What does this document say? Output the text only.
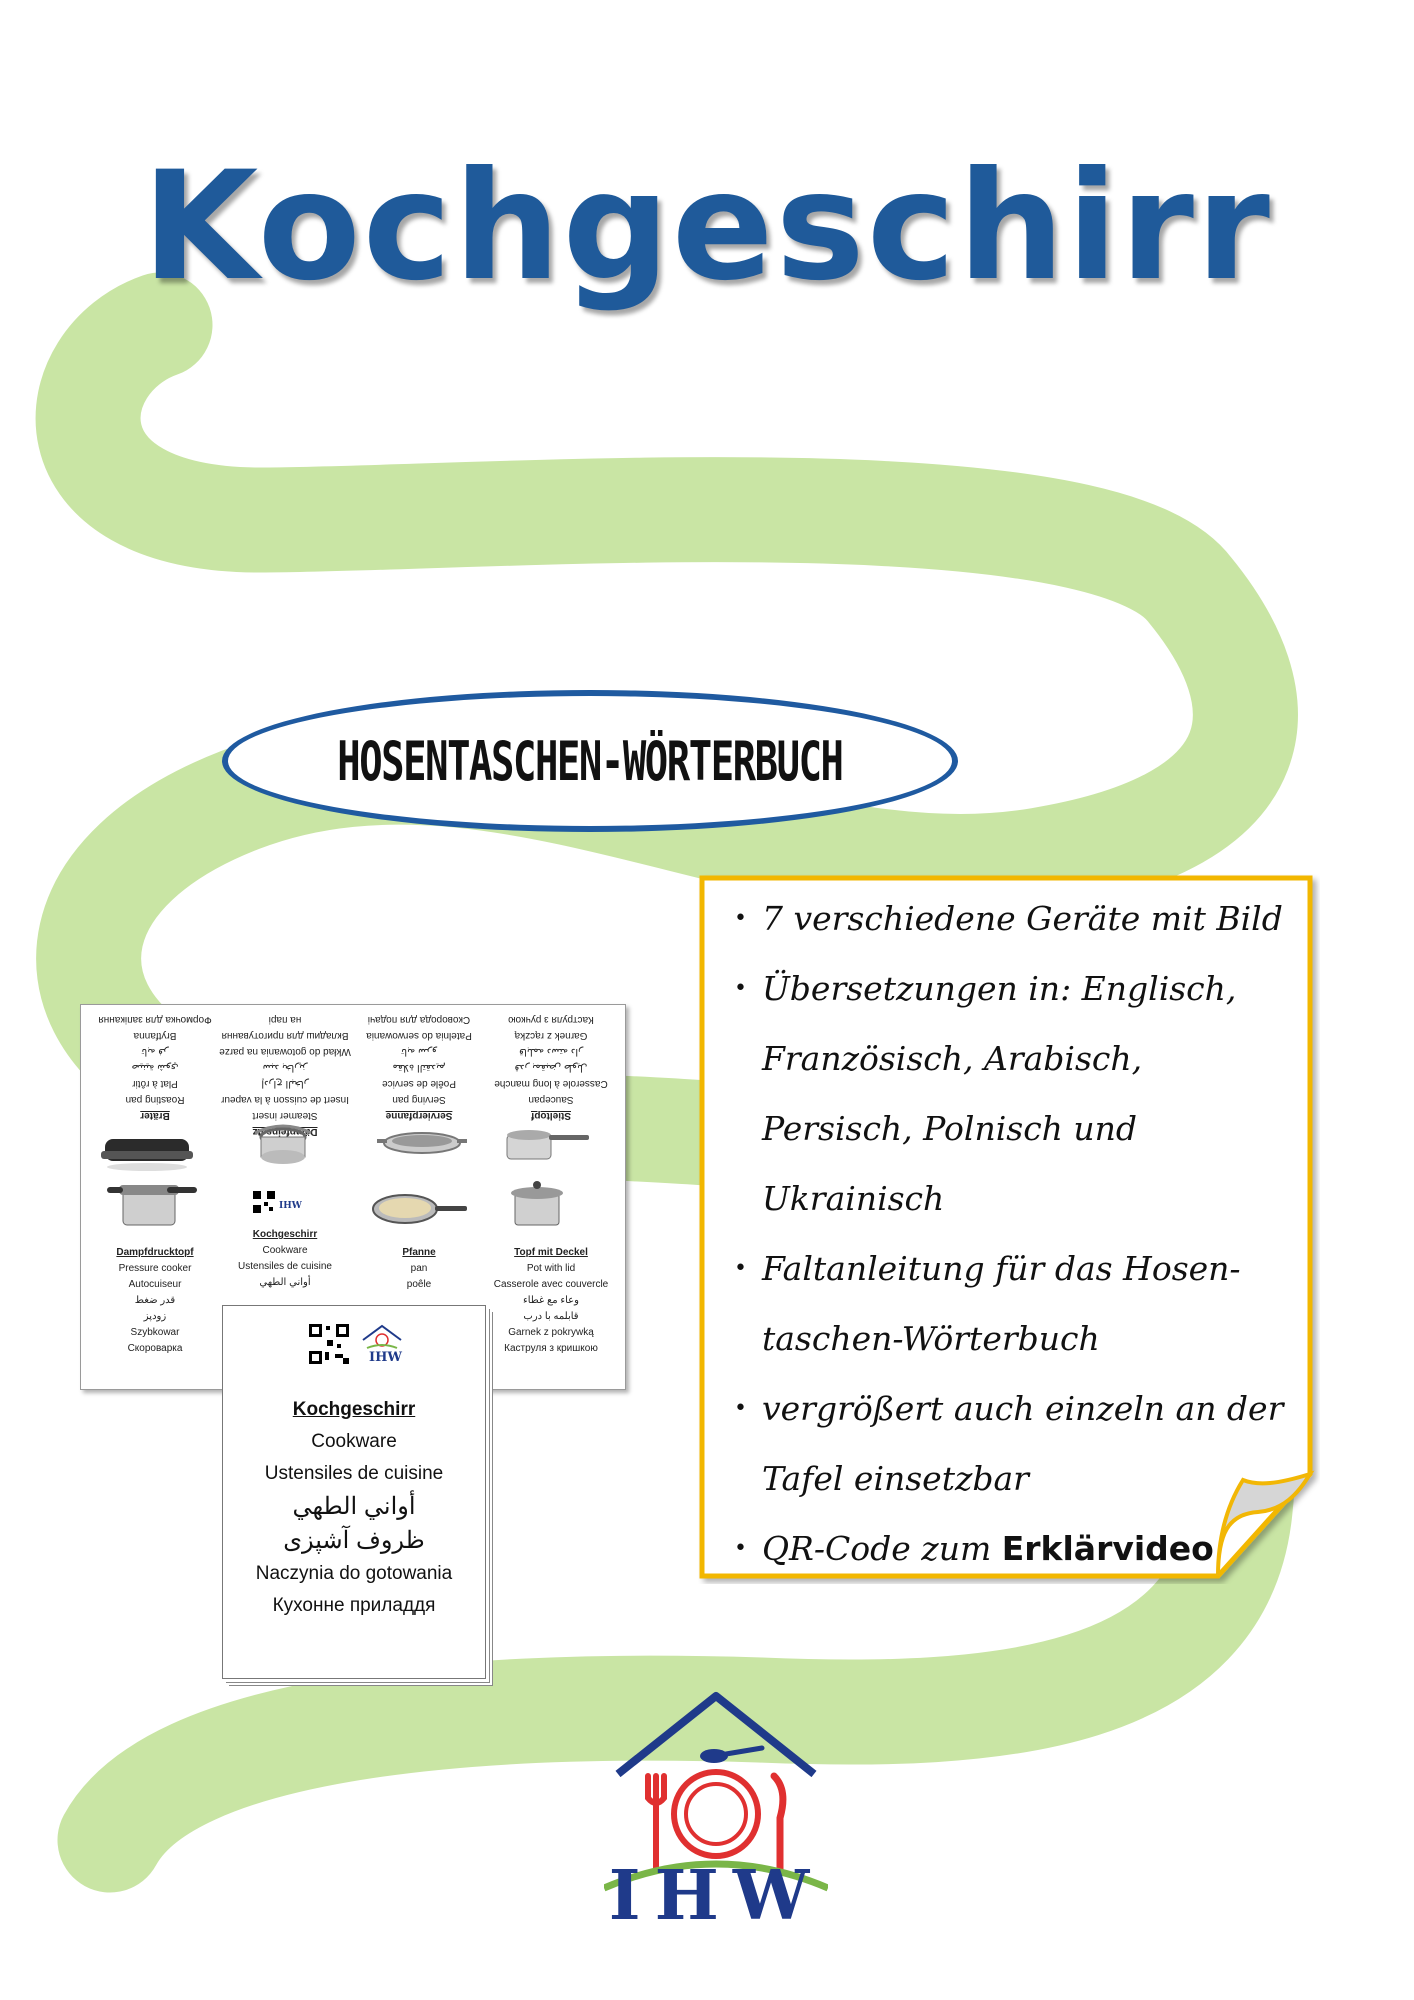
Kochgeschirr
HOSENTASCHEN-WÖRTERBUCH
• 7 verschiedene Geräte mit Bild
• Übersetzungen in: Englisch, Französisch, Arabisch, Persisch, Polnisch und Ukrainisch
• Faltanleitung für das Hosen-taschen-Wörterbuch
• vergrößert auch einzeln an der Tafel einsetzbar
• QR-Code zum Erklärvideo
Bräter
Roasting pan
Plat à rôtir
صينية شوي
تابه فر
Brytfanna
Формочка для запікання
Dämpfeinsatz
Steamer insert
Insert de cuisson à la vapeur
إدراج البخار
سبد بخارپز
Wkład do gotowania na parze
Вкладиш для приготування на парі
Servierpfanne
Serving pan
Poêle de service
مقلاة التقديم
تابه سرو
Patelnia do serwowania
Сковорода для подачі
Stieltopf
Saucepan
Casserole à long manche
قدر بمقبض طويل
قابلمه دسته دار
Garnek z rączką
Каструля з ручкою
IHW
Dampfdrucktopf
Pressure cooker
Autocuiseur
قدر ضغط
زودپز
Szybkowar
Скороварка
Kochgeschirr
Cookware
Ustensiles de cuisine
أواني الطهي
Pfanne
pan
poêle
Topf mit Deckel
Pot with lid
Casserole avec couvercle
وعاء مع غطاء
قابلمه با درب
Garnek z pokrywką
Каструля з кришкою
IHW
Kochgeschirr
Cookware
Ustensiles de cuisine
أواني الطهي
ظروف آشپزی
Naczynia do gotowania
Кухонне приладдя
IHW
